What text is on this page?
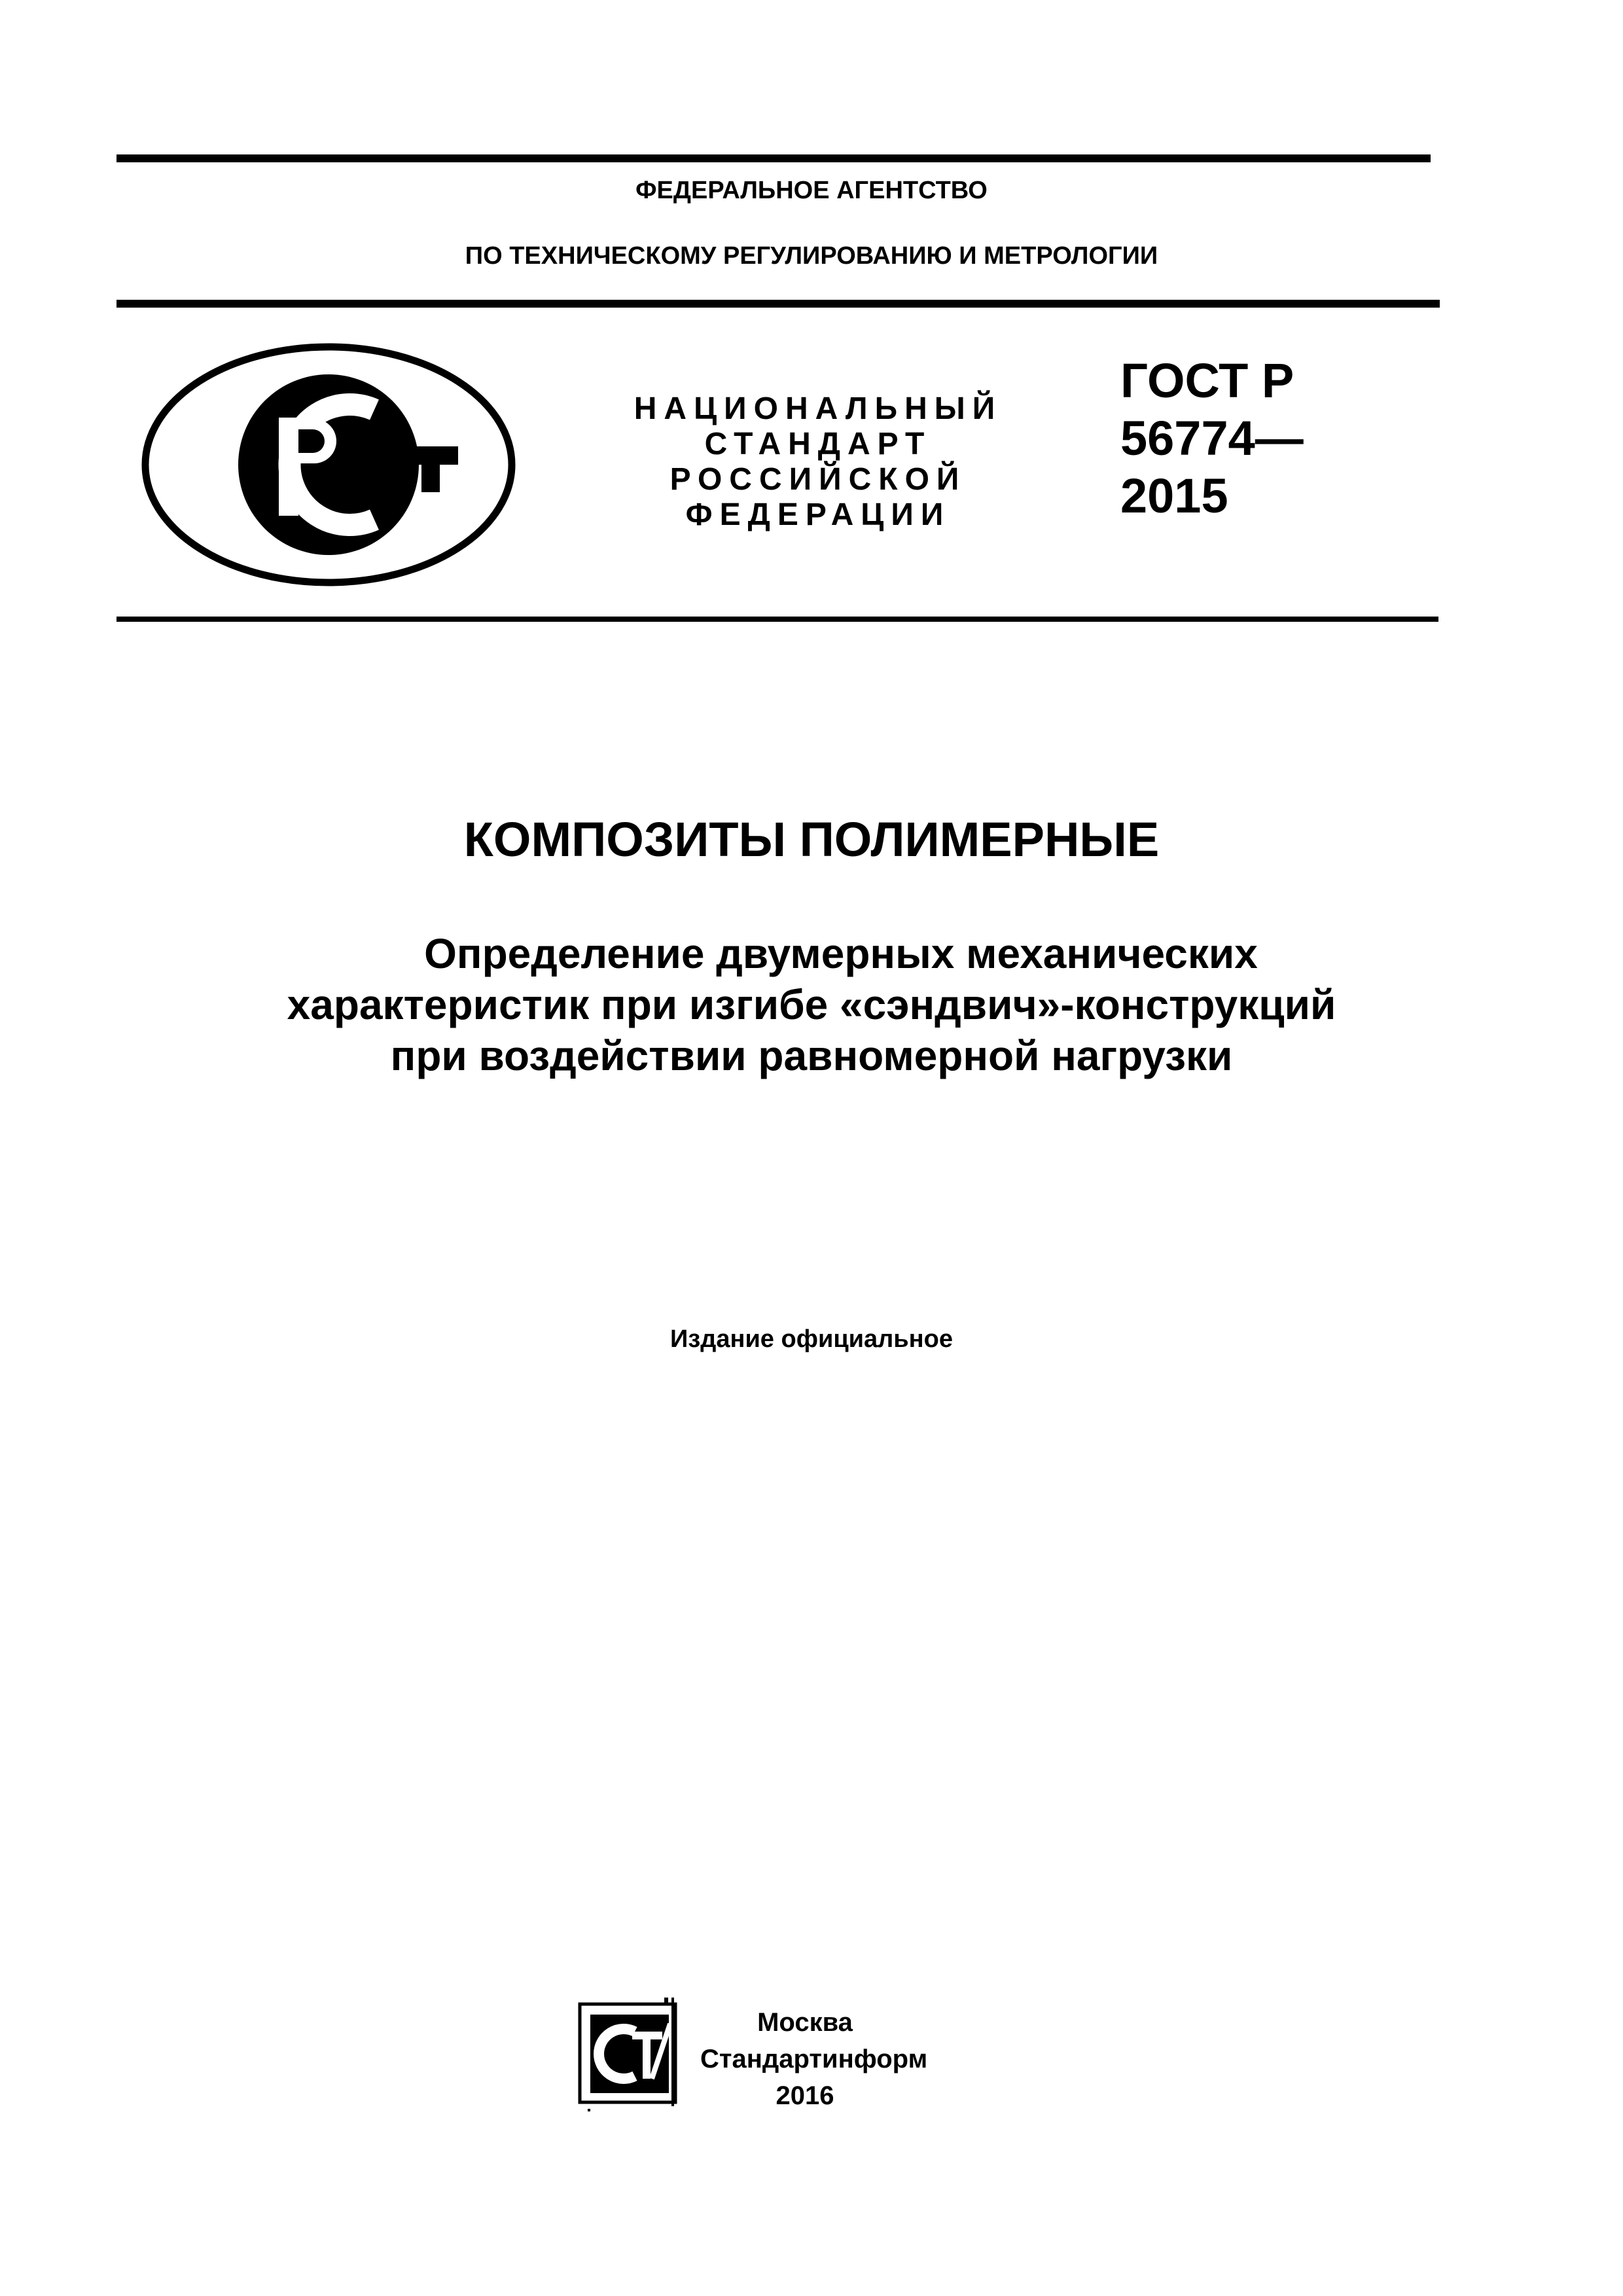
ФЕДЕРАЛЬНОЕ АГЕНТСТВО
ПО ТЕХНИЧЕСКОМУ РЕГУЛИРОВАНИЮ И МЕТРОЛОГИИ
НАЦИОНАЛЬНЫЙ
СТАНДАРТ
РОССИЙСКОЙ
ФЕДЕРАЦИИ
ГОСТ Р
56774—
2015
КОМПОЗИТЫ ПОЛИМЕРНЫЕ
Определение двумерных механических
характеристик при изгибе «сэндвич»-конструкций
при воздействии равномерной нагрузки
Издание официальное
Москва
Стандартинформ
2016
